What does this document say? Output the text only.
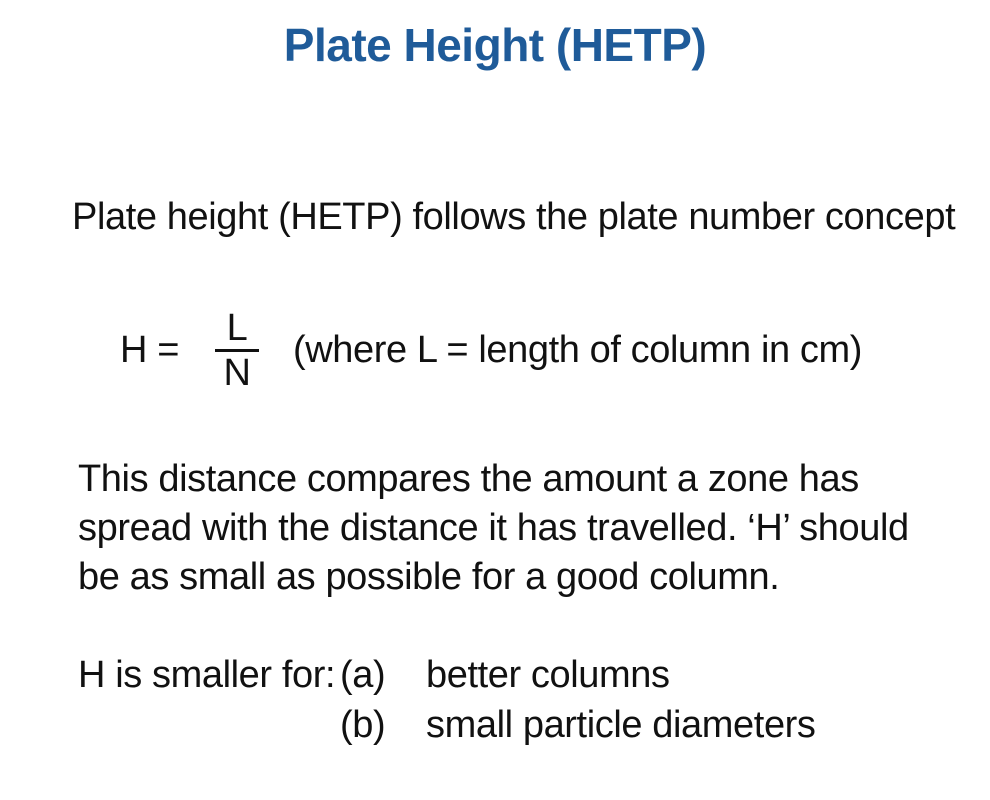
Plate Height (HETP)
Plate height (HETP) follows the plate number concept
$H = \frac{L}{N}$ (where L = length of column in cm)
This distance compares the amount a zone has
spread with the distance it has travelled. ‘H’ should
be as small as possible for a good column.
H is smaller for: (a)	better columns
(b)	small particle diameters
